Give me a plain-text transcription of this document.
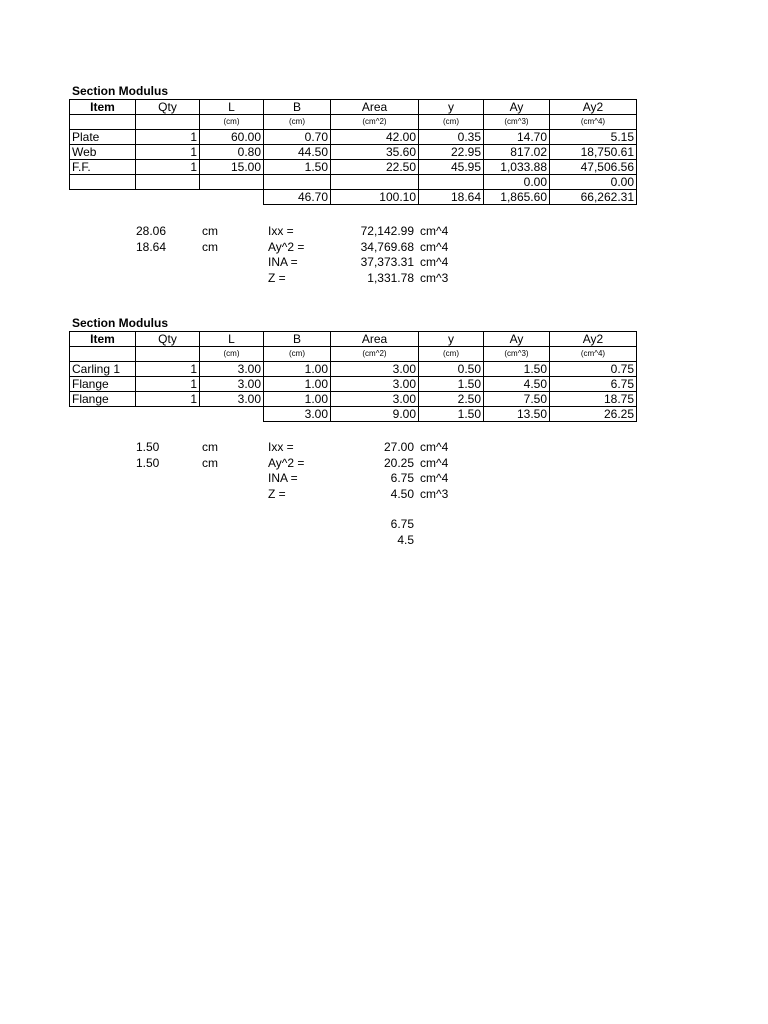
Section Modulus
Item	Qty	L	B	Area	y	Ay	Ay2
		(cm)	(cm)	(cm^2)	(cm)	(cm^3)	(cm^4)
Plate	1	60.00	0.70	42.00	0.35	14.70	5.15
Web	1	0.80	44.50	35.60	22.95	817.02	18,750.61
F.F.	1	15.00	1.50	22.50	45.95	1,033.88	47,506.56
						0.00	0.00
			46.70	100.10	18.64	1,865.60	66,262.31
28.06	cm	Ixx =	72,142.99 cm^4
18.64	cm	Ay^2 =	34,769.68 cm^4
INA =	37,373.31 cm^4
Z =	1,331.78 cm^3
Section Modulus
Item	Qty	L	B	Area	y	Ay	Ay2
		(cm)	(cm)	(cm^2)	(cm)	(cm^3)	(cm^4)
Carling 1	1	3.00	1.00	3.00	0.50	1.50	0.75
Flange	1	3.00	1.00	3.00	1.50	4.50	6.75
Flange	1	3.00	1.00	3.00	2.50	7.50	18.75
			3.00	9.00	1.50	13.50	26.25
1.50	cm	Ixx =	27.00 cm^4
1.50	cm	Ay^2 =	20.25 cm^4
INA =	6.75 cm^4
Z =	4.50 cm^3
6.75
4.5
